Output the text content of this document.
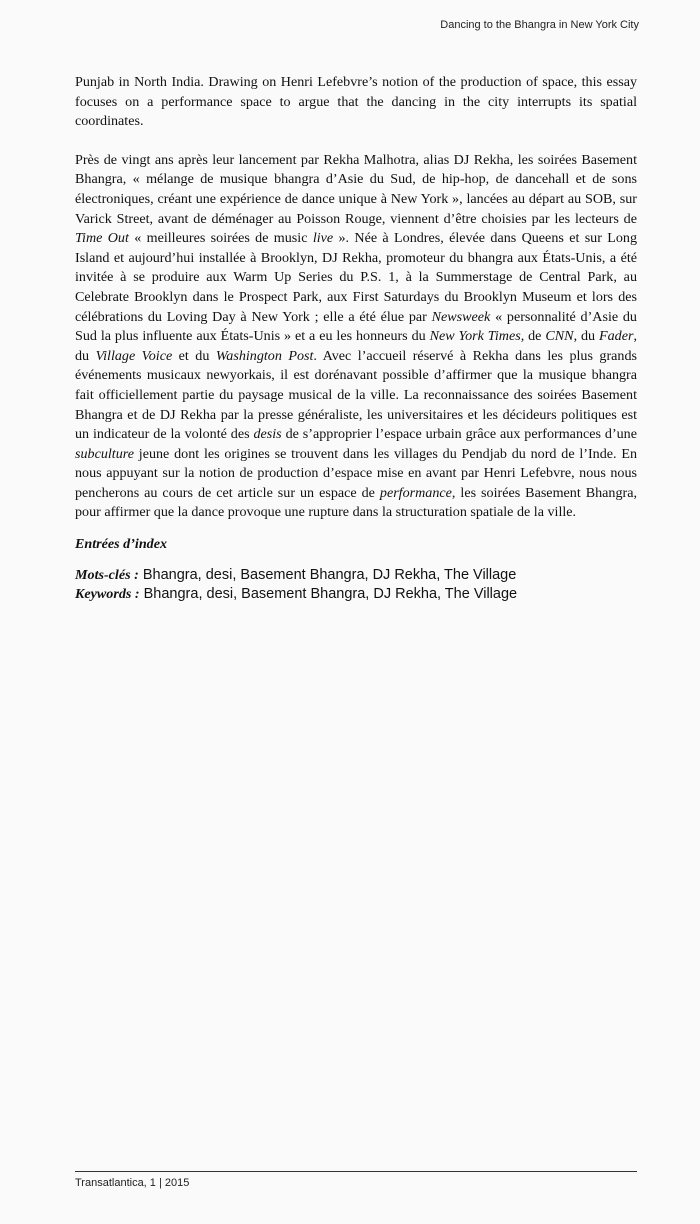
Dancing to the Bhangra in New York City

Punjab in North India. Drawing on Henri Lefebvre’s notion of the production of space, this essay focuses on a performance space to argue that the dancing in the city interrupts its spatial coordinates.

Près de vingt ans après leur lancement par Rekha Malhotra, alias DJ Rekha, les soirées Basement Bhangra, « mélange de musique bhangra d’Asie du Sud, de hip-hop, de dancehall et de sons électroniques, créant une expérience de dance unique à New York », lancées au départ au SOB, sur Varick Street, avant de déménager au Poisson Rouge, viennent d’être choisies par les lecteurs de Time Out « meilleures soirées de music live ». Née à Londres, élevée dans Queens et sur Long Island et aujourd’hui installée à Brooklyn, DJ Rekha, promoteur du bhangra aux États-Unis, a été invitée à se produire aux Warm Up Series du P.S. 1, à la Summerstage de Central Park, au Celebrate Brooklyn dans le Prospect Park, aux First Saturdays du Brooklyn Museum et lors des célébrations du Loving Day à New York ; elle a été élue par Newsweek « personnalité d’Asie du Sud la plus influente aux États-Unis » et a eu les honneurs du New York Times, de CNN, du Fader, du Village Voice et du Washington Post. Avec l’accueil réservé à Rekha dans les plus grands événements musicaux newyorkais, il est dorénavant possible d’affirmer que la musique bhangra fait officiellement partie du paysage musical de la ville. La reconnaissance des soirées Basement Bhangra et de DJ Rekha par la presse généraliste, les universitaires et les décideurs politiques est un indicateur de la volonté des desis de s’approprier l’espace urbain grâce aux performances d’une subculture jeune dont les origines se trouvent dans les villages du Pendjab du nord de l’Inde. En nous appuyant sur la notion de production d’espace mise en avant par Henri Lefebvre, nous nous pencherons au cours de cet article sur un espace de performance, les soirées Basement Bhangra, pour affirmer que la dance provoque une rupture dans la structuration spatiale de la ville.

Entrées d’index
Mots-clés : Bhangra, desi, Basement Bhangra, DJ Rekha, The Village
Keywords : Bhangra, desi, Basement Bhangra, DJ Rekha, The Village
Transatlantica, 1 | 2015
